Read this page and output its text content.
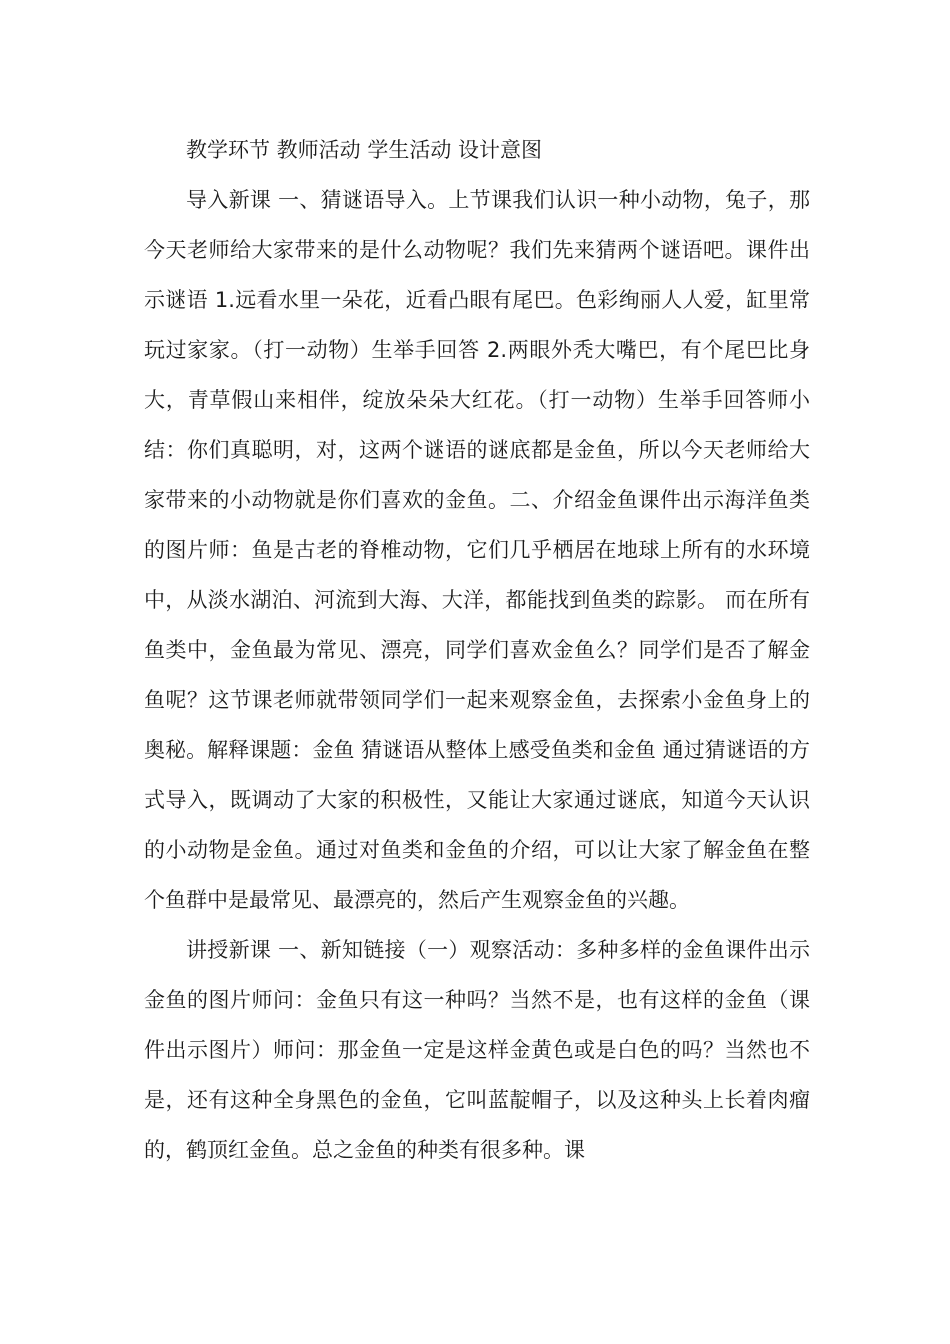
教学环节 教师活动 学生活动 设计意图

导入新课 一、猜谜语导入。上节课我们认识一种小动物，兔子，那今天老师给大家带来的是什么动物呢？我们先来猜两个谜语吧。课件出示谜语 1.远看水里一朵花，近看凸眼有尾巴。色彩绚丽人人爱，缸里常玩过家家。（打一动物）生举手回答 2.两眼外秃大嘴巴，有个尾巴比身大，青草假山来相伴，绽放朵朵大红花。（打一动物）生举手回答师小结：你们真聪明，对，这两个谜语的谜底都是金鱼，所以今天老师给大家带来的小动物就是你们喜欢的金鱼。二、介绍金鱼课件出示海洋鱼类的图片师：鱼是古老的脊椎动物，它们几乎栖居在地球上所有的水环境中，从淡水湖泊、河流到大海、大洋，都能找到鱼类的踪影。 而在所有鱼类中，金鱼最为常见、漂亮，同学们喜欢金鱼么？同学们是否了解金鱼呢？这节课老师就带领同学们一起来观察金鱼，去探索小金鱼身上的奥秘。解释课题：金鱼 猜谜语从整体上感受鱼类和金鱼 通过猜谜语的方式导入，既调动了大家的积极性，又能让大家通过谜底，知道今天认识的小动物是金鱼。通过对鱼类和金鱼的介绍，可以让大家了解金鱼在整个鱼群中是最常见、最漂亮的，然后产生观察金鱼的兴趣。

讲授新课 一、新知链接（一）观察活动：多种多样的金鱼课件出示金鱼的图片师问：金鱼只有这一种吗？当然不是，也有这样的金鱼（课件出示图片）师问：那金鱼一定是这样金黄色或是白色的吗？当然也不是，还有这种全身黑色的金鱼，它叫蓝靛帽子，以及这种头上长着肉瘤的，鹤顶红金鱼。总之金鱼的种类有很多种。课
